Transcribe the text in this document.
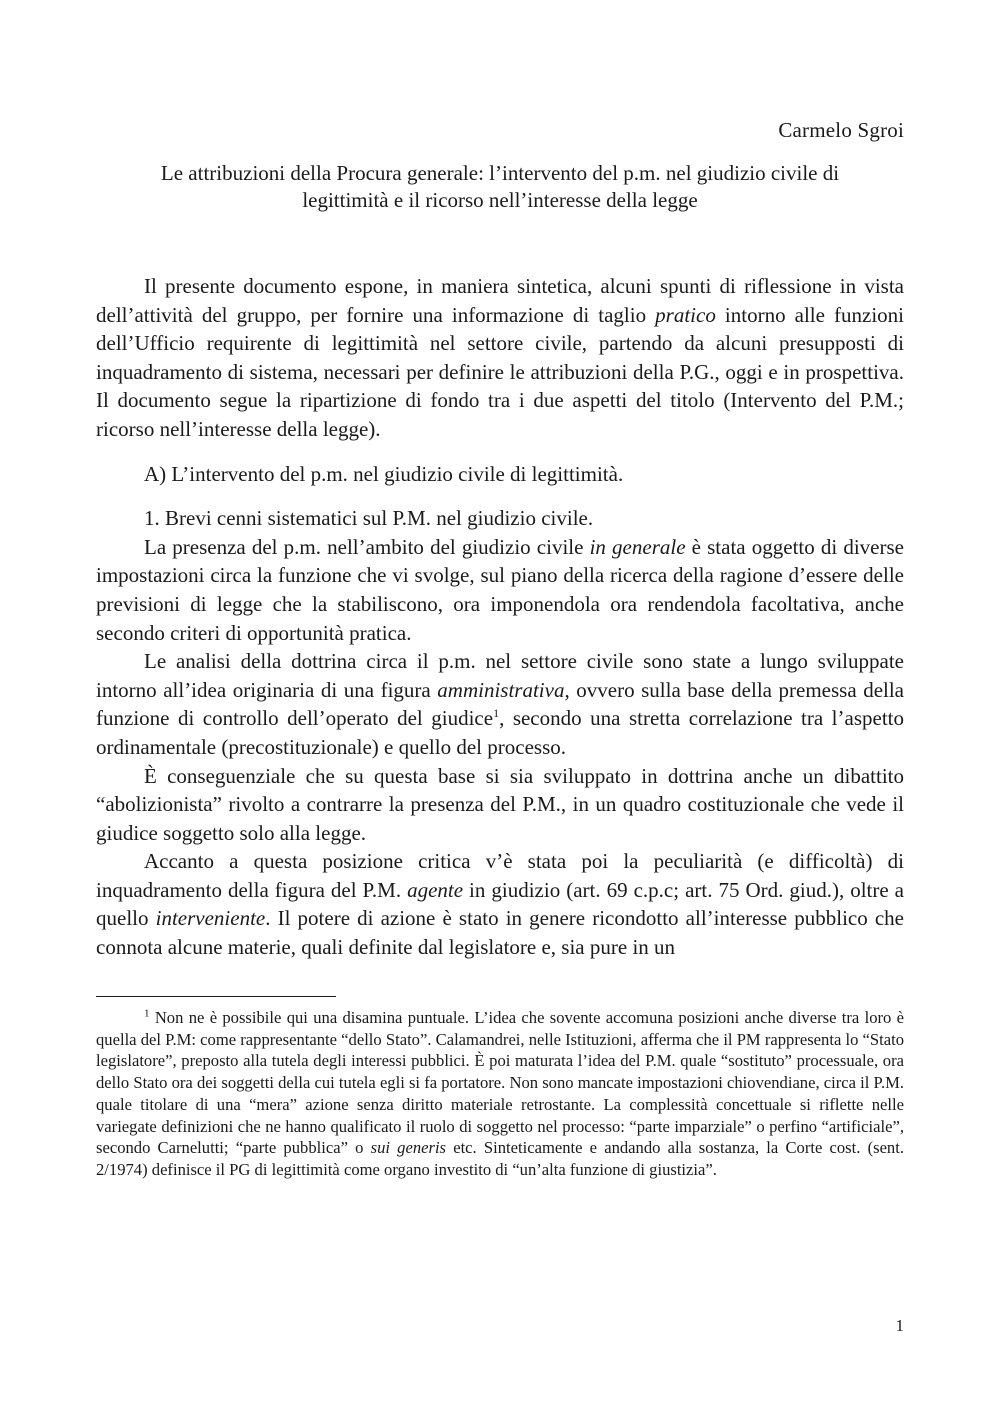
Carmelo Sgroi
Le attribuzioni della Procura generale: l’intervento del p.m. nel giudizio civile di
legittimità e il ricorso nell’interesse della legge

Il presente documento espone, in maniera sintetica, alcuni spunti di riflessione in vista dell’attività del gruppo, per fornire una informazione di taglio pratico intorno alle funzioni dell’Ufficio requirente di legittimità nel settore civile, partendo da alcuni presupposti di inquadramento di sistema, necessari per definire le attribuzioni della P.G., oggi e in prospettiva. Il documento segue la ripartizione di fondo tra i due aspetti del titolo (Intervento del P.M.; ricorso nell’interesse della legge).

A) L’intervento del p.m. nel giudizio civile di legittimità.

1. Brevi cenni sistematici sul P.M. nel giudizio civile.

La presenza del p.m. nell’ambito del giudizio civile in generale è stata oggetto di diverse impostazioni circa la funzione che vi svolge, sul piano della ricerca della ragione d’essere delle previsioni di legge che la stabiliscono, ora imponendola ora rendendola facoltativa, anche secondo criteri di opportunità pratica.

Le analisi della dottrina circa il p.m. nel settore civile sono state a lungo sviluppate intorno all’idea originaria di una figura amministrativa, ovvero sulla base della premessa della funzione di controllo dell’operato del giudice$^1$, secondo una stretta correlazione tra l’aspetto ordinamentale (precostituzionale) e quello del processo.

È conseguenziale che su questa base si sia sviluppato in dottrina anche un dibattito “abolizionista” rivolto a contrarre la presenza del P.M., in un quadro costituzionale che vede il giudice soggetto solo alla legge.

Accanto a questa posizione critica v’è stata poi la peculiarità (e difficoltà) di inquadramento della figura del P.M. agente in giudizio (art. 69 c.p.c; art. 75 Ord. giud.), oltre a quello interveniente. Il potere di azione è stato in genere ricondotto all’interesse pubblico che connota alcune materie, quali definite dal legislatore e, sia pure in un

$^1$ Non ne è possibile qui una disamina puntuale. L’idea che sovente accomuna posizioni anche diverse tra loro è quella del P.M: come rappresentante “dello Stato”. Calamandrei, nelle Istituzioni, afferma che il PM rappresenta lo “Stato legislatore”, preposto alla tutela degli interessi pubblici. È poi maturata l’idea del P.M. quale “sostituto” processuale, ora dello Stato ora dei soggetti della cui tutela egli si fa portatore. Non sono mancate impostazioni chiovendiane, circa il P.M. quale titolare di una “mera” azione senza diritto materiale retrostante. La complessità concettuale si riflette nelle variegate definizioni che ne hanno qualificato il ruolo di soggetto nel processo: “parte imparziale” o perfino “artificiale”, secondo Carnelutti; “parte pubblica” o sui generis etc. Sinteticamente e andando alla sostanza, la Corte cost. (sent. 2/1974) definisce il PG di legittimità come organo investito di “un’alta funzione di giustizia”.

1
